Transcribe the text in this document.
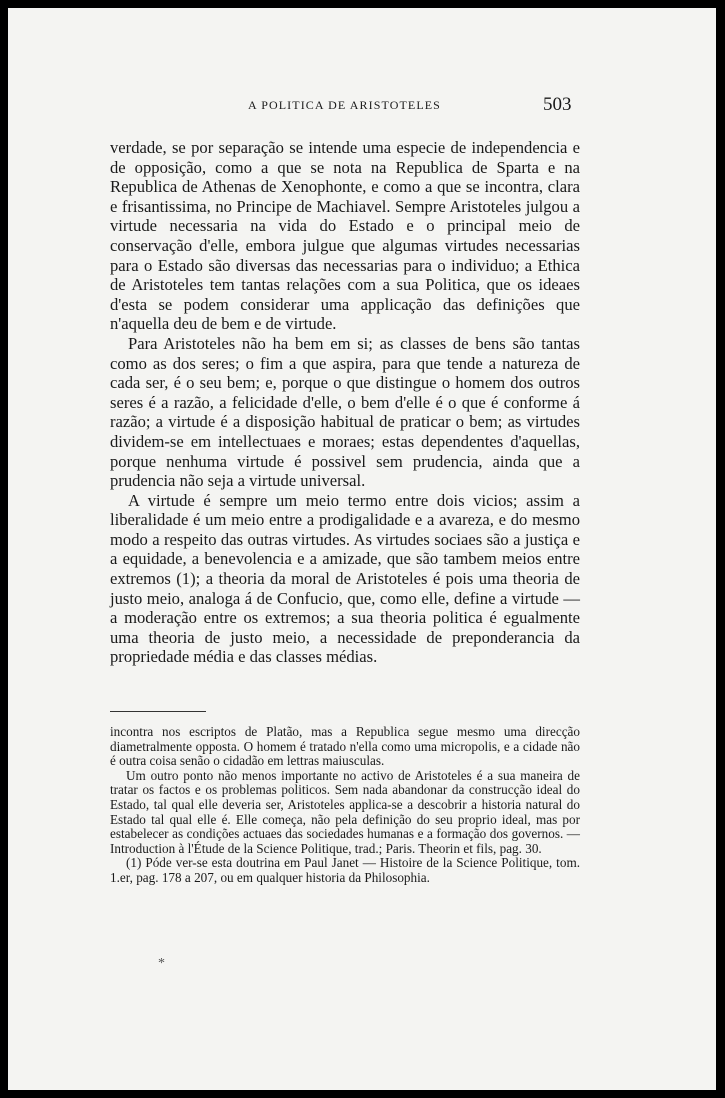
A POLITICA DE ARISTOTELES	503

verdade, se por separação se intende uma especie de independencia e de opposição, como a que se nota na Republica de Sparta e na Republica de Athenas de Xenophonte, e como a que se incontra, clara e frisantissima, no Principe de Machiavel. Sempre Aristoteles julgou a virtude necessaria na vida do Estado e o principal meio de conservação d'elle, embora julgue que algumas virtudes necessarias para o Estado são diversas das necessarias para o individuo; a Ethica de Aristoteles tem tantas relações com a sua Politica, que os ideaes d'esta se podem considerar uma applicação das definições que n'aquella deu de bem e de virtude.

Para Aristoteles não ha bem em si; as classes de bens são tantas como as dos seres; o fim a que aspira, para que tende a natureza de cada ser, é o seu bem; e, porque o que distingue o homem dos outros seres é a razão, a felicidade d'elle, o bem d'elle é o que é conforme á razão; a virtude é a disposição habitual de praticar o bem; as virtudes dividem-se em intellectuaes e moraes; estas dependentes d'aquellas, porque nenhuma virtude é possivel sem prudencia, ainda que a prudencia não seja a virtude universal.

A virtude é sempre um meio termo entre dois vicios; assim a liberalidade é um meio entre a prodigalidade e a avareza, e do mesmo modo a respeito das outras virtudes. As virtudes sociaes são a justiça e a equidade, a benevolencia e a amizade, que são tambem meios entre extremos (1); a theoria da moral de Aristoteles é pois uma theoria de justo meio, analoga á de Confucio, que, como elle, define a virtude — a moderação entre os extremos; a sua theoria politica é egualmente uma theoria de justo meio, a necessidade de preponderancia da propriedade média e das classes médias.

incontra nos escriptos de Platão, mas a Republica segue mesmo uma direcção diametralmente opposta. O homem é tratado n'ella como uma micropolis, e a cidade não é outra coisa senão o cidadão em lettras maiusculas.

Um outro ponto não menos importante no activo de Aristoteles é a sua maneira de tratar os factos e os problemas politicos. Sem nada abandonar da construcção ideal do Estado, tal qual elle deveria ser, Aristoteles applica-se a descobrir a historia natural do Estado tal qual elle é. Elle começa, não pela definição do seu proprio ideal, mas por estabelecer as condições actuaes das sociedades humanas e a formação dos governos. — Introduction à l'Étude de la Science Politique, trad.; Paris. Theorin et fils, pag. 30.

(1) Póde ver-se esta doutrina em Paul Janet — Histoire de la Science Politique, tom. 1.er, pag. 178 a 207, ou em qualquer historia da Philosophia.

*
